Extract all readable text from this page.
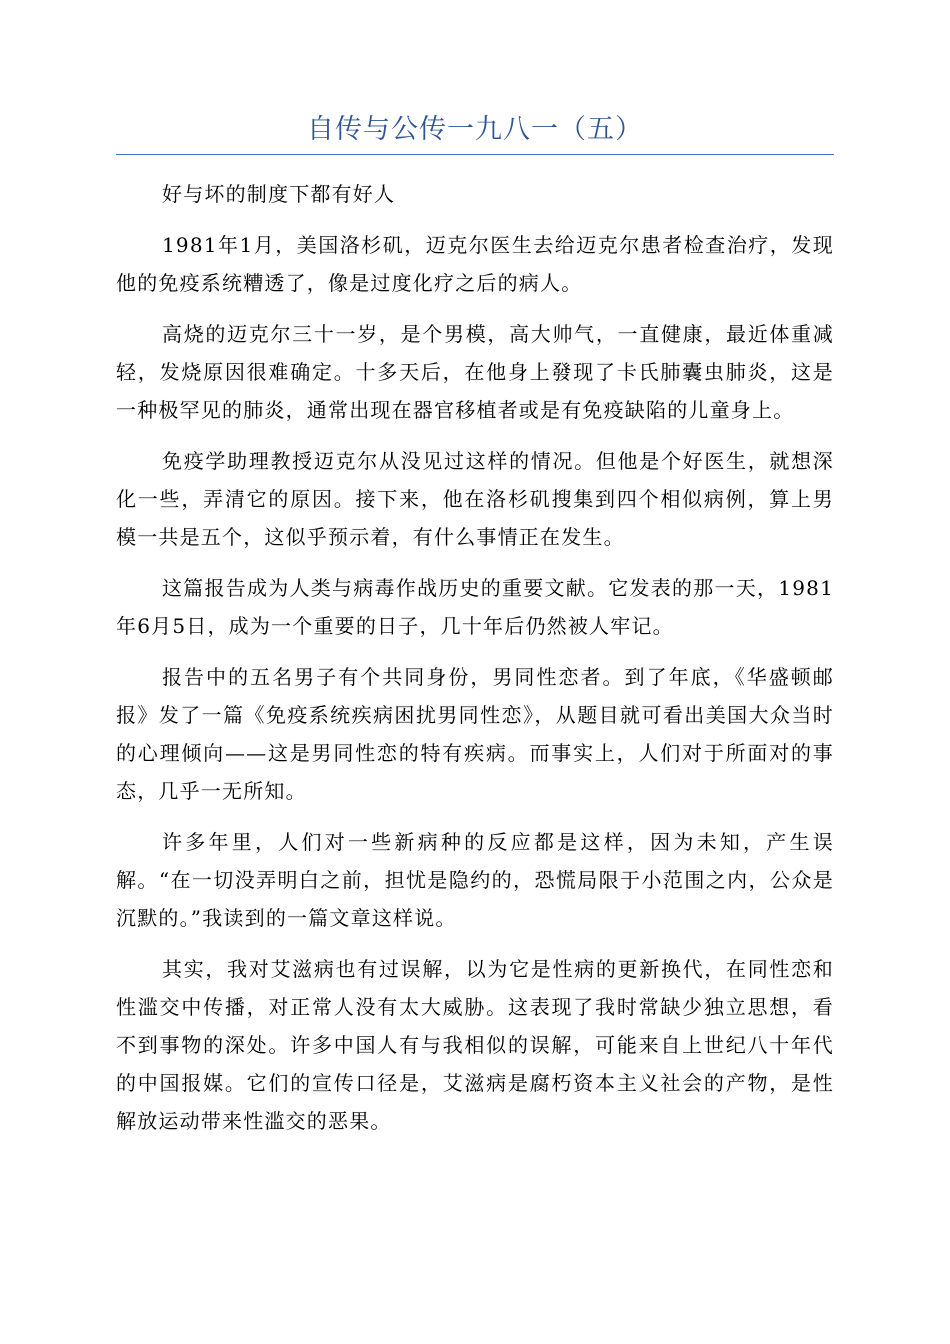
自传与公传一九八一（五）

好与坏的制度下都有好人

1981年1月，美国洛杉矶，迈克尔医生去给迈克尔患者检查治疗，发现他的免疫系统糟透了，像是过度化疗之后的病人。

高烧的迈克尔三十一岁，是个男模，高大帅气，一直健康，最近体重减轻，发烧原因很难确定。十多天后，在他身上發现了卡氏肺囊虫肺炎，这是一种极罕见的肺炎，通常出现在器官移植者或是有免疫缺陷的儿童身上。

免疫学助理教授迈克尔从没见过这样的情况。但他是个好医生，就想深化一些，弄清它的原因。接下来，他在洛杉矶搜集到四个相似病例，算上男模一共是五个，这似乎预示着，有什么事情正在发生。

这篇报告成为人类与病毒作战历史的重要文献。它发表的那一天，1981年6月5日，成为一个重要的日子，几十年后仍然被人牢记。

报告中的五名男子有个共同身份，男同性恋者。到了年底，《华盛顿邮报》发了一篇《免疫系统疾病困扰男同性恋》，从题目就可看出美国大众当时的心理倾向——这是男同性恋的特有疾病。而事实上，人们对于所面对的事态，几乎一无所知。

许多年里，人们对一些新病种的反应都是这样，因为未知，产生误解。“在一切没弄明白之前，担忧是隐约的，恐慌局限于小范围之内，公众是沉默的。”我读到的一篇文章这样说。

其实，我对艾滋病也有过误解，以为它是性病的更新换代，在同性恋和性滥交中传播，对正常人没有太大威胁。这表现了我时常缺少独立思想，看不到事物的深处。许多中国人有与我相似的误解，可能来自上世纪八十年代的中国报媒。它们的宣传口径是，艾滋病是腐朽资本主义社会的产物，是性解放运动带来性滥交的恶果。
